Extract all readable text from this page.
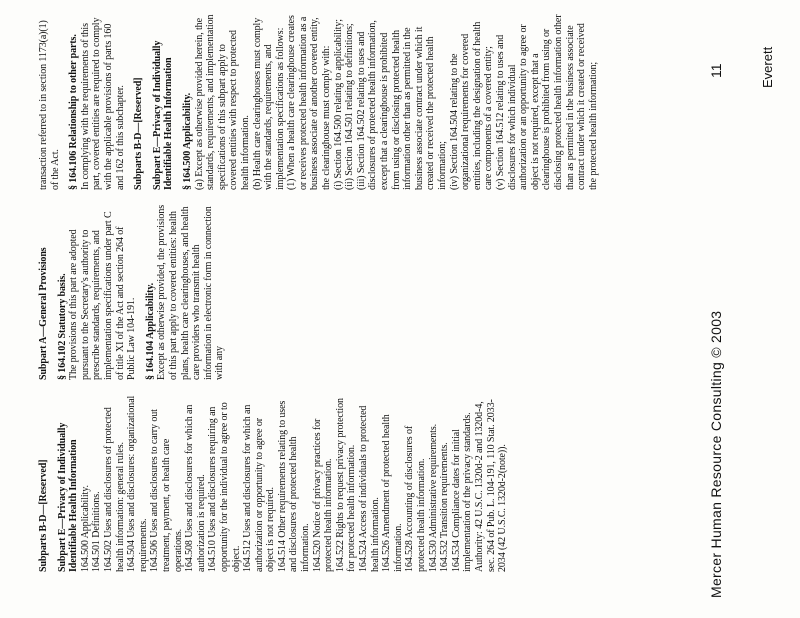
Subparts B-D—[Reserved] Subpart E—Privacy of Individually Identifiable Health Information 164.500 Applicability. 164.501 Definitions. 164.502 Uses and disclosures of protected health information: general rules. 164.504 Uses and disclosures: organizational requirements. 164.506 Uses and disclosures to carry out treatment, payment, or health care operations. 164.508 Uses and disclosures for which an authorization is required. 164.510 Uses and disclosures requiring an opportunity for the individual to agree or to object. 164.512 Uses and disclosures for which an authorization or opportunity to agree or object is not required. 164.514 Other requirements relating to uses and disclosures of protected health information. 164.520 Notice of privacy practices for protected health information. 164.522 Rights to request privacy protection for protected health information. 164.524 Access of individuals to protected health information. 164.526 Amendment of protected health information. 164.528 Accounting of disclosures of protected health information. 164.530 Administrative requirements. 164.532 Transition requirements. 164.534 Compliance dates for initial implementation of the privacy standards. Authority: 42 U.S.C. 1320d-2 and 1320d-4, sec. 264 of Pub. L. 104-191, 110 Stat. 2033-2034 (42 U.S.C. 1320d-2(note)).

Subpart A—General Provisions § 164.102 Statutory basis. The provisions of this part are adopted pursuant to the Secretary's authority to prescribe standards, requirements, and implementation specifications under part C of title XI of the Act and section 264 of Public Law 104-191. § 164.104 Applicability. Except as otherwise provided, the provisions of this part apply to covered entities: health plans, health care clearinghouses, and health care providers who transmit health information in electronic form in connection with any

transaction referred to in section 1173(a)(1) of the Act. § 164.106 Relationship to other parts. In complying with the requirements of this part, covered entities are required to comply with the applicable provisions of parts 160 and 162 of this subchapter. Subparts B-D—[Reserved] Subpart E—Privacy of Individually Identifiable Health Information § 164.500 Applicability. (a) Except as otherwise provided herein, the standards, requirements, and implementation specifications of this subpart apply to covered entities with respect to protected health information. (b) Health care clearinghouses must comply with the standards, requirements, and implementation specifications as follows: (1) When a health care clearinghouse creates or receives protected health information as a business associate of another covered entity, the clearinghouse must comply with: (i) Section 164.500 relating to applicability; (ii) Section 164.501 relating to definitions; (iii) Section 164.502 relating to uses and disclosures of protected health information, except that a clearinghouse is prohibited from using or disclosing protected health information other than as permitted in the business associate contract under which it created or received the protected health information; (iv) Section 164.504 relating to the organizational requirements for covered entities, including the designation of health care components of a covered entity; (v) Section 164.512 relating to uses and disclosures for which individual authorization or an opportunity to agree or object is not required, except that a clearinghouse is prohibited from using or disclosing protected health information other than as permitted in the business associate contract under which it created or received the protected health information;

Mercer Human Resource Consulting © 2003
11	Everett
